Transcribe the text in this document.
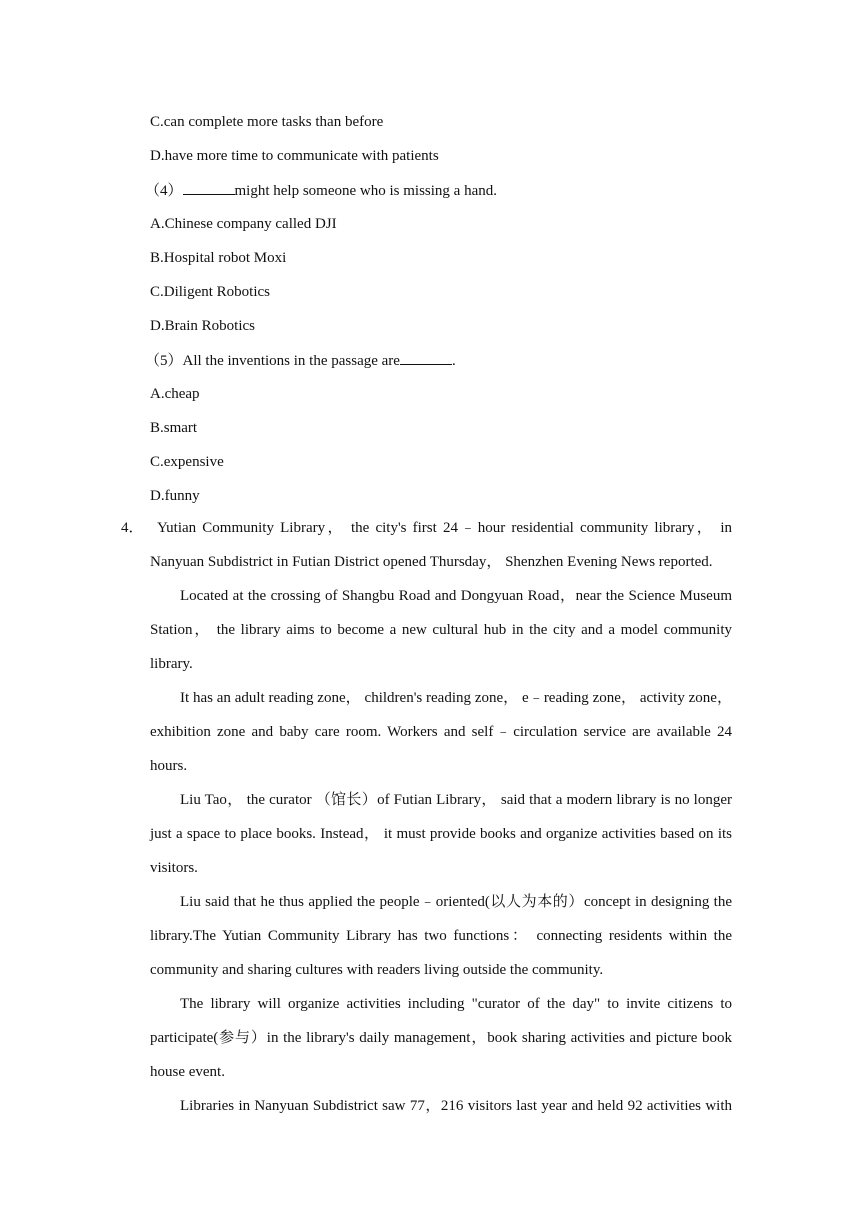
C.can complete more tasks than before
D.have more time to communicate with patients
（4）	might help someone who is missing a hand.
A.Chinese company called DJI
B.Hospital robot Moxi
C.Diligent Robotics
D.Brain Robotics
（5）All the inventions in the passage are	.
A.cheap
B.smart
C.expensive
D.funny
4． Yutian Community Library， the city's first 24﹣hour residential community library， in
Nanyuan Subdistrict in Futian District opened Thursday， Shenzhen Evening News reported.
Located at the crossing of Shangbu Road and Dongyuan Road，near the Science Museum
Station， the library aims to become a new cultural hub in the city and a model community
library.
It has an adult reading zone， children's reading zone， e﹣reading zone， activity zone，
exhibition zone and baby care room. Workers and self﹣circulation service are available 24
hours.
Liu Tao， the curator （馆长）of Futian Library， said that a modern library is no longer
just a space to place books. Instead， it must provide books and organize activities based on its
visitors.
Liu said that he thus applied the people﹣oriented(以人为本的）concept in designing the
library.The Yutian Community Library has two functions： connecting residents within the
community and sharing cultures with readers living outside the community.
The library will organize activities including "curator of the day" to invite citizens to
participate(参与）in the library's daily management，book sharing activities and picture book
house event.
Libraries in Nanyuan Subdistrict saw 77，216 visitors last year and held 92 activities with
